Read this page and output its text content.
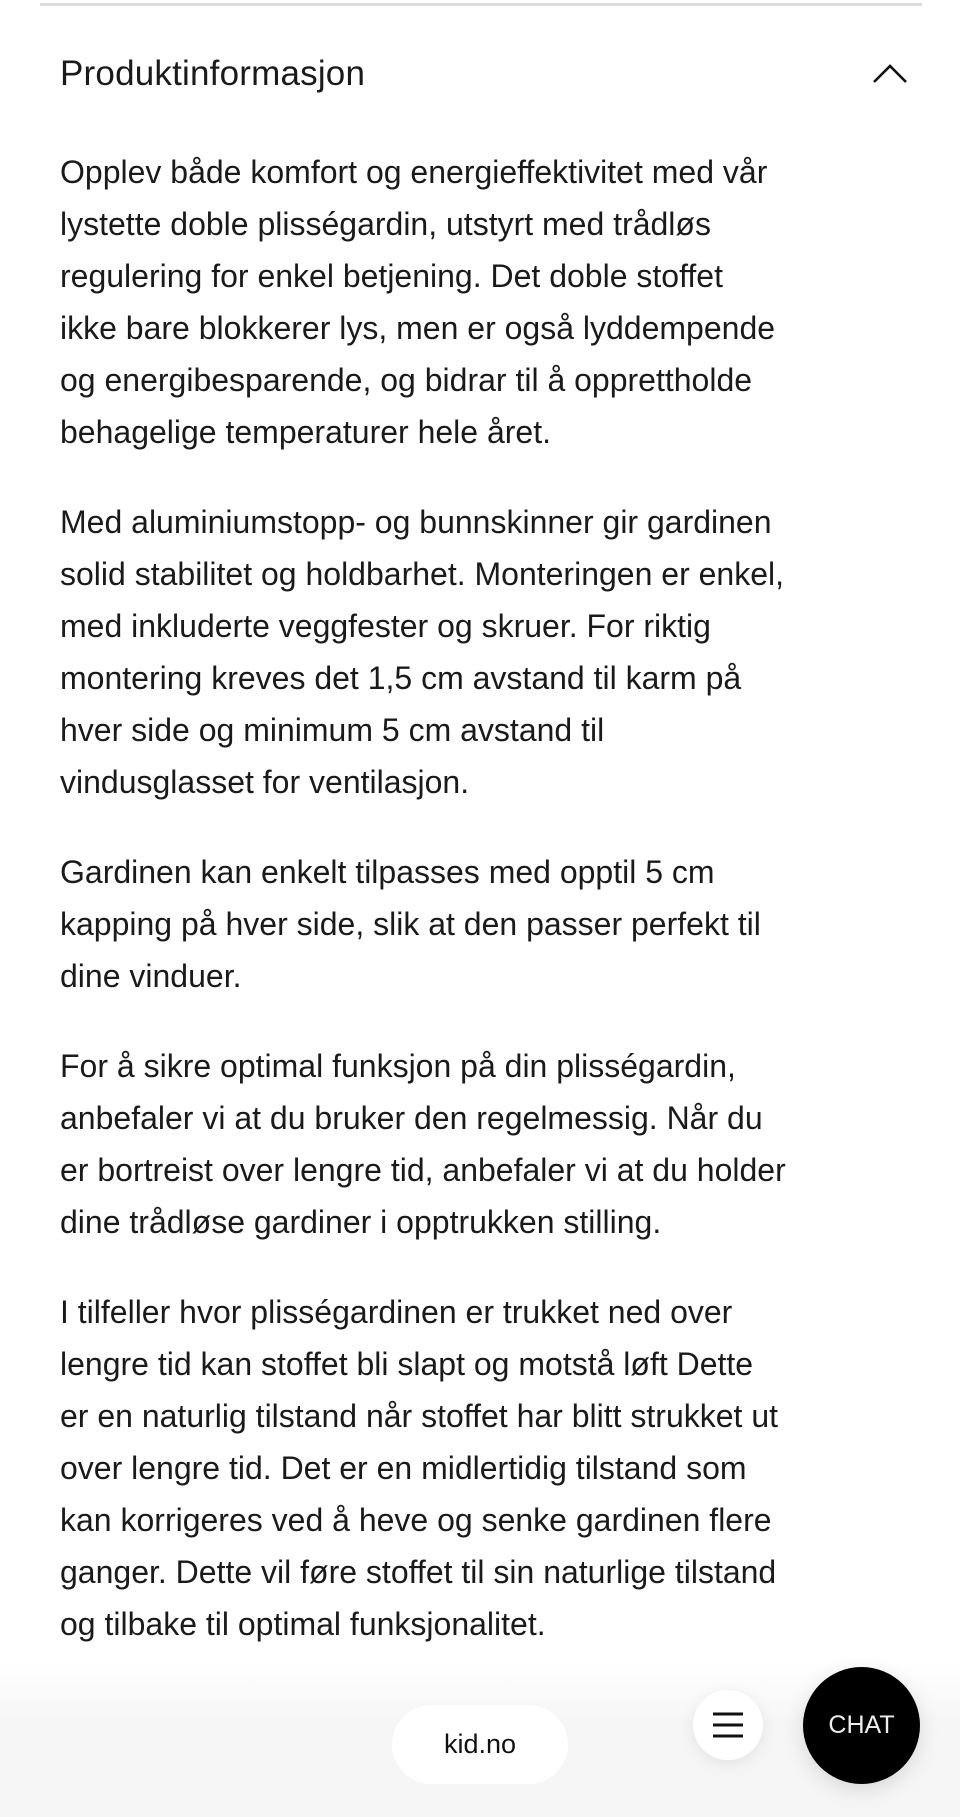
Produktinformasjon

Opplev både komfort og energieffektivitet med vår
lystette doble plisségardin, utstyrt med trådløs
regulering for enkel betjening. Det doble stoffet
ikke bare blokkerer lys, men er også lyddempende
og energibesparende, og bidrar til å opprettholde
behagelige temperaturer hele året.

Med aluminiumstopp- og bunnskinner gir gardinen
solid stabilitet og holdbarhet. Monteringen er enkel,
med inkluderte veggfester og skruer. For riktig
montering kreves det 1,5 cm avstand til karm på
hver side og minimum 5 cm avstand til
vindusglasset for ventilasjon.

Gardinen kan enkelt tilpasses med opptil 5 cm
kapping på hver side, slik at den passer perfekt til
dine vinduer.

For å sikre optimal funksjon på din plisségardin,
anbefaler vi at du bruker den regelmessig. Når du
er bortreist over lengre tid, anbefaler vi at du holder
dine trådløse gardiner i opptrukken stilling.

I tilfeller hvor plisségardinen er trukket ned over
lengre tid kan stoffet bli slapt og motstå løft Dette
er en naturlig tilstand når stoffet har blitt strukket ut
over lengre tid. Det er en midlertidig tilstand som
kan korrigeres ved å heve og senke gardinen flere
ganger. Dette vil føre stoffet til sin naturlige tilstand
og tilbake til optimal funksjonalitet.

kid.no
CHAT
